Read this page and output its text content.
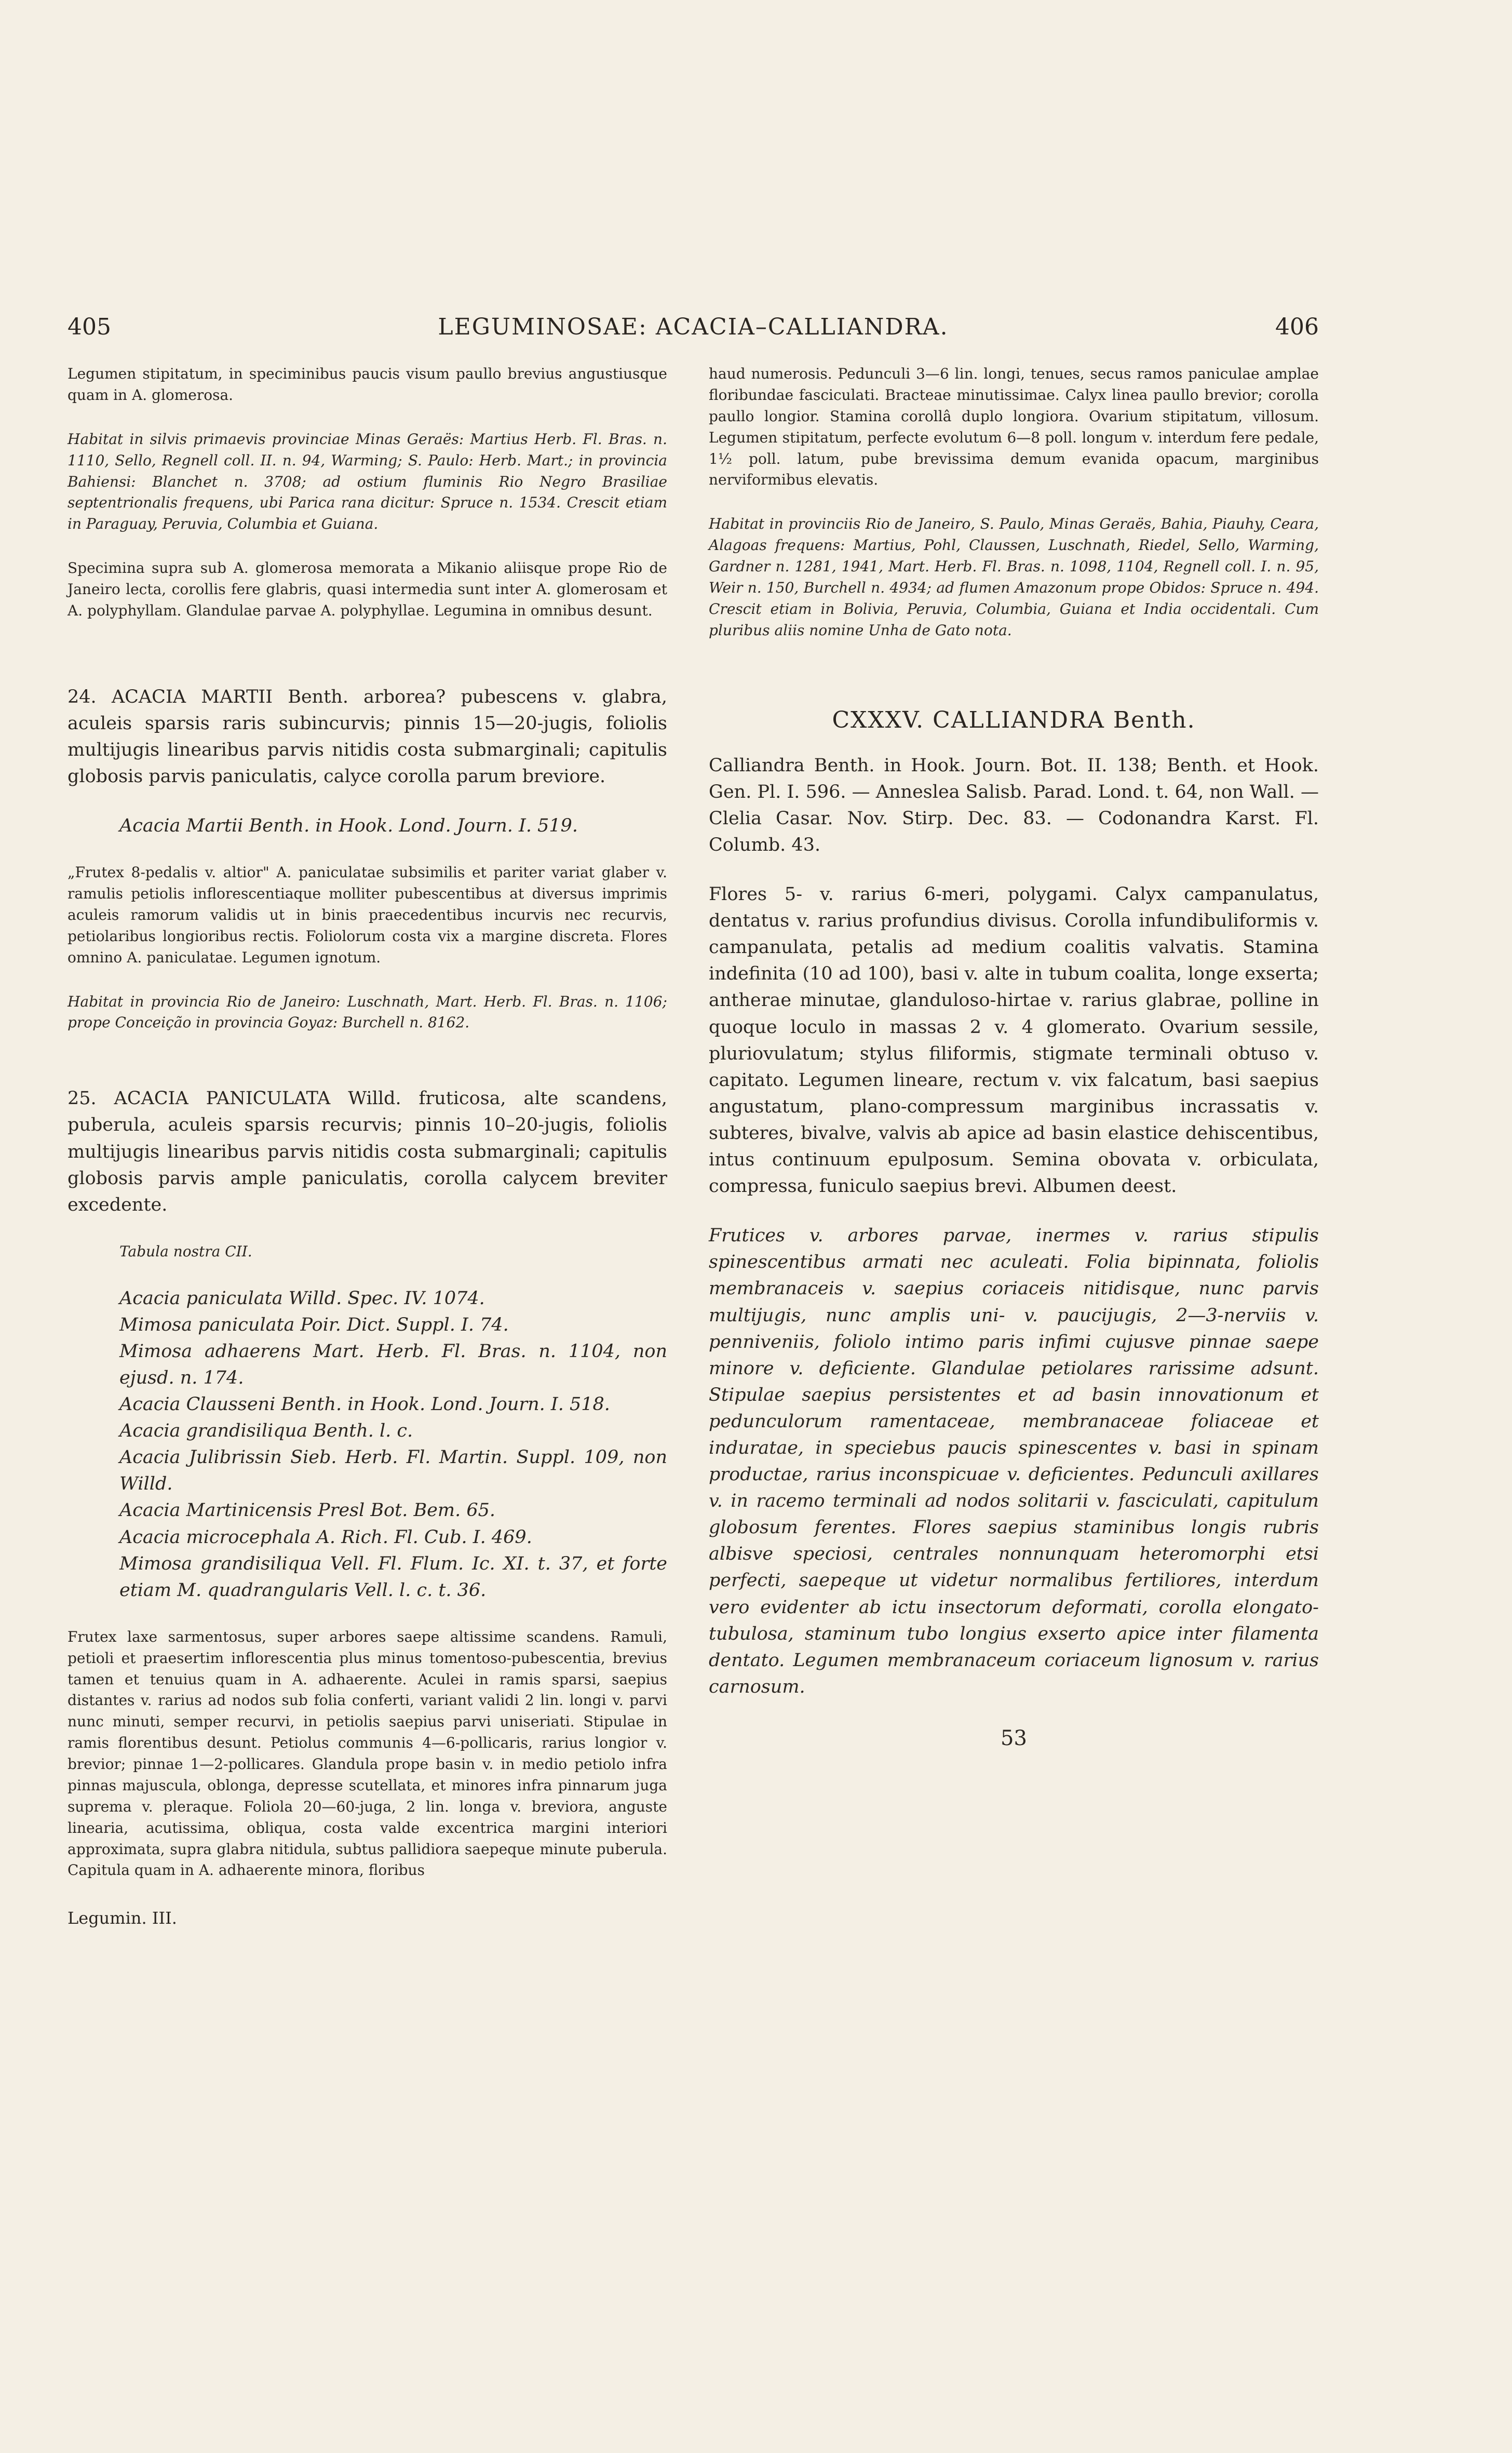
405	LEGUMINOSAE: ACACIA–CALLIANDRA.	406

Legumen stipitatum, in speciminibus paucis visum paullo brevius angustiusque quam in A. glomerosa.

Habitat in silvis primaevis provinciae Minas Geraës: Martius Herb. Fl. Bras. n. 1110, Sello, Regnell coll. II. n. 94, Warming; S. Paulo: Herb. Mart.; in provincia Bahiensi: Blanchet n. 3708; ad ostium fluminis Rio Negro Brasiliae septentrionalis frequens, ubi Parica rana dicitur: Spruce n. 1534. Crescit etiam in Paraguay, Peruvia, Columbia et Guiana.

Specimina supra sub A. glomerosa memorata a Mikanio aliisque prope Rio de Janeiro lecta, corollis fere glabris, quasi intermedia sunt inter A. glomerosam et A. polyphyllam. Glandulae parvae A. polyphyllae. Legumina in omnibus desunt.

24. ACACIA MARTII Benth. arborea? pubescens v. glabra, aculeis sparsis raris subincurvis; pinnis 15—20-jugis, foliolis multijugis linearibus parvis nitidis costa submarginali; capitulis globosis parvis paniculatis, calyce corolla parum breviore.

Acacia Martii Benth. in Hook. Lond. Journ. I. 519.

„Frutex 8-pedalis v. altior" A. paniculatae subsimilis et pariter variat glaber v. ramulis petiolis inflorescentiaque molliter pubescentibus at diversus imprimis aculeis ramorum validis ut in binis praecedentibus incurvis nec recurvis, petiolaribus longioribus rectis. Foliolorum costa vix a margine discreta. Flores omnino A. paniculatae. Legumen ignotum.

Habitat in provincia Rio de Janeiro: Luschnath, Mart. Herb. Fl. Bras. n. 1106; prope Conceição in provincia Goyaz: Burchell n. 8162.

25. ACACIA PANICULATA Willd. fruticosa, alte scandens, puberula, aculeis sparsis recurvis; pinnis 10–20-jugis, foliolis multijugis linearibus parvis nitidis costa submarginali; capitulis globosis parvis ample paniculatis, corolla calycem breviter excedente.

Tabula nostra CII.

Acacia paniculata Willd. Spec. IV. 1074.

Mimosa paniculata Poir. Dict. Suppl. I. 74.

Mimosa adhaerens Mart. Herb. Fl. Bras. n. 1104, non ejusd. n. 174.

Acacia Clausseni Benth. in Hook. Lond. Journ. I. 518.

Acacia grandisiliqua Benth. l. c.

Acacia Julibrissin Sieb. Herb. Fl. Martin. Suppl. 109, non Willd.

Acacia Martinicensis Presl Bot. Bem. 65.

Acacia microcephala A. Rich. Fl. Cub. I. 469.

Mimosa grandisiliqua Vell. Fl. Flum. Ic. XI. t. 37, et forte etiam M. quadrangularis Vell. l. c. t. 36.

Frutex laxe sarmentosus, super arbores saepe altissime scandens. Ramuli, petioli et praesertim inflorescentia plus minus tomentoso-pubescentia, brevius tamen et tenuius quam in A. adhaerente. Aculei in ramis sparsi, saepius distantes v. rarius ad nodos sub folia conferti, variant validi 2 lin. longi v. parvi nunc minuti, semper recurvi, in petiolis saepius parvi uniseriati. Stipulae in ramis florentibus desunt. Petiolus communis 4—6-pollicaris, rarius longior v. brevior; pinnae 1—2-pollicares. Glandula prope basin v. in medio petiolo infra pinnas majuscula, oblonga, depresse scutellata, et minores infra pinnarum juga suprema v. pleraque. Foliola 20—60-juga, 2 lin. longa v. breviora, anguste linearia, acutissima, obliqua, costa valde excentrica margini interiori approximata, supra glabra nitidula, subtus pallidiora saepeque minute puberula. Capitula quam in A. adhaerente minora, floribus

Legumin. III.

haud numerosis. Pedunculi 3—6 lin. longi, tenues, secus ramos paniculae amplae floribundae fasciculati. Bracteae minutissimae. Calyx linea paullo brevior; corolla paullo longior. Stamina corollâ duplo longiora. Ovarium stipitatum, villosum. Legumen stipitatum, perfecte evolutum 6—8 poll. longum v. interdum fere pedale, 1½ poll. latum, pube brevissima demum evanida opacum, marginibus nerviformibus elevatis.

Habitat in provinciis Rio de Janeiro, S. Paulo, Minas Geraës, Bahia, Piauhy, Ceara, Alagoas frequens: Martius, Pohl, Claussen, Luschnath, Riedel, Sello, Warming, Gardner n. 1281, 1941, Mart. Herb. Fl. Bras. n. 1098, 1104, Regnell coll. I. n. 95, Weir n. 150, Burchell n. 4934; ad flumen Amazonum prope Obidos: Spruce n. 494. Crescit etiam in Bolivia, Peruvia, Columbia, Guiana et India occidentali. Cum pluribus aliis nomine Unha de Gato nota.

CXXXV. CALLIANDRA Benth.

Calliandra Benth. in Hook. Journ. Bot. II. 138; Benth. et Hook. Gen. Pl. I. 596. — Anneslea Salisb. Parad. Lond. t. 64, non Wall. — Clelia Casar. Nov. Stirp. Dec. 83. — Codonandra Karst. Fl. Columb. 43.

Flores 5- v. rarius 6-meri, polygami. Calyx campanulatus, dentatus v. rarius profundius divisus. Corolla infundibuliformis v. campanulata, petalis ad medium coalitis valvatis. Stamina indefinita (10 ad 100), basi v. alte in tubum coalita, longe exserta; antherae minutae, glanduloso-hirtae v. rarius glabrae, polline in quoque loculo in massas 2 v. 4 glomerato. Ovarium sessile, pluriovulatum; stylus filiformis, stigmate terminali obtuso v. capitato. Legumen lineare, rectum v. vix falcatum, basi saepius angustatum, plano-compressum marginibus incrassatis v. subteres, bivalve, valvis ab apice ad basin elastice dehiscentibus, intus continuum epulposum. Semina obovata v. orbiculata, compressa, funiculo saepius brevi. Albumen deest.

Frutices v. arbores parvae, inermes v. rarius stipulis spinescentibus armati nec aculeati. Folia bipinnata, foliolis membranaceis v. saepius coriaceis nitidisque, nunc parvis multijugis, nunc amplis uni- v. paucijugis, 2—3-nerviis v. penniveniis, foliolo intimo paris infimi cujusve pinnae saepe minore v. deficiente. Glandulae petiolares rarissime adsunt. Stipulae saepius persistentes et ad basin innovationum et pedunculorum ramentaceae, membranaceae foliaceae et induratae, in speciebus paucis spinescentes v. basi in spinam productae, rarius inconspicuae v. deficientes. Pedunculi axillares v. in racemo terminali ad nodos solitarii v. fasciculati, capitulum globosum ferentes. Flores saepius staminibus longis rubris albisve speciosi, centrales nonnunquam heteromorphi etsi perfecti, saepeque ut videtur normalibus fertiliores, interdum vero evidenter ab ictu insectorum deformati, corolla elongato-tubulosa, staminum tubo longius exserto apice inter filamenta dentato. Legumen membranaceum coriaceum lignosum v. rarius carnosum.

53
